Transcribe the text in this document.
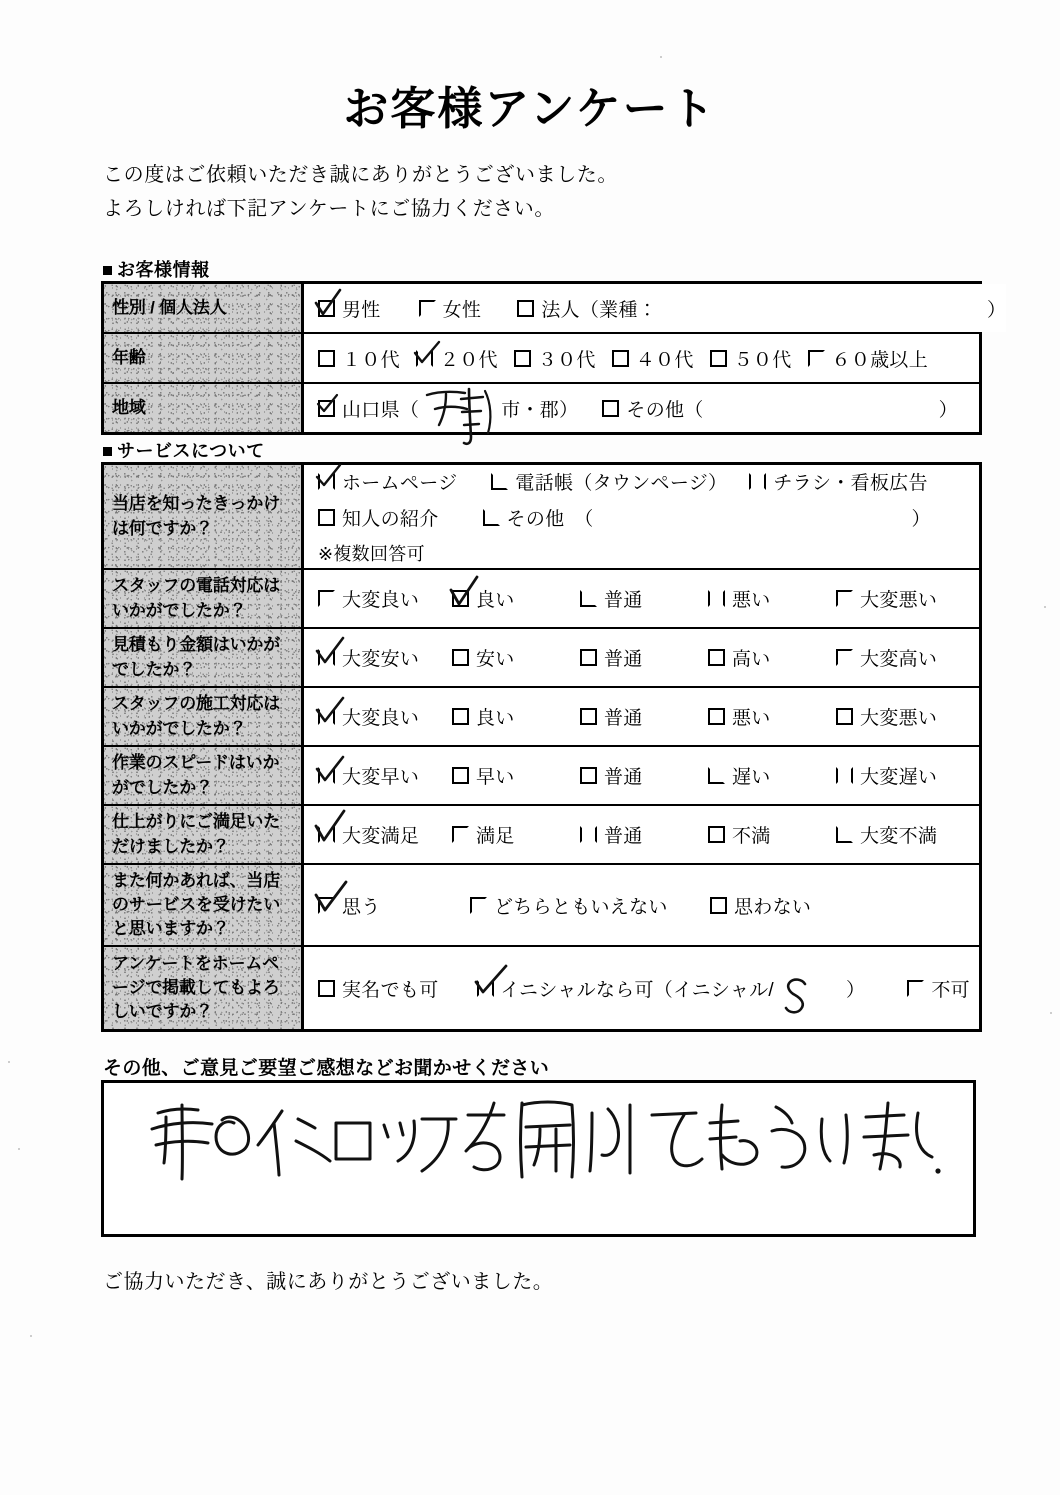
お客様アンケート
この度はご依頼いただき誠にありがとうございました。
よろしければ下記アンケートにご協力ください。
お客様情報
性別 / 個人法人	男性	女性	法人（業種：	）
年齢	１０代 ２０代 ３０代 ４０代 ５０代 ６０歳以上
地域	山口県（	市・郡）	その他（	）
サービスについて
当店を知ったきっかけは何ですか？
ホームページ	電話帳（タウンページ） チラシ・看板広告
知人の紹介	その他　（	）
※複数回答可
スタッフの電話対応はいかがでしたか？	大変良い	良い	普通	悪い	大変悪い
見積もり金額はいかがでしたか？	大変安い	安い	普通	高い	大変高い
スタッフの施工対応はいかがでしたか？	大変良い	良い	普通	悪い	大変悪い
作業のスピードはいかがでしたか？	大変早い	早い	普通	遅い	大変遅い
仕上がりにご満足いただけましたか？	大変満足	満足	普通	不満	大変不満
また何かあれば、当店のサービスを受けたいと思いますか？
思う	どちらともいえない	思わない
アンケートをホームページで掲載してもよろしいですか？
実名でも可	イニシャルなら可（イニシャル/	）	不可
その他、ご意見ご要望ご感想などお聞かせください
ご協力いただき、誠にありがとうございました。
